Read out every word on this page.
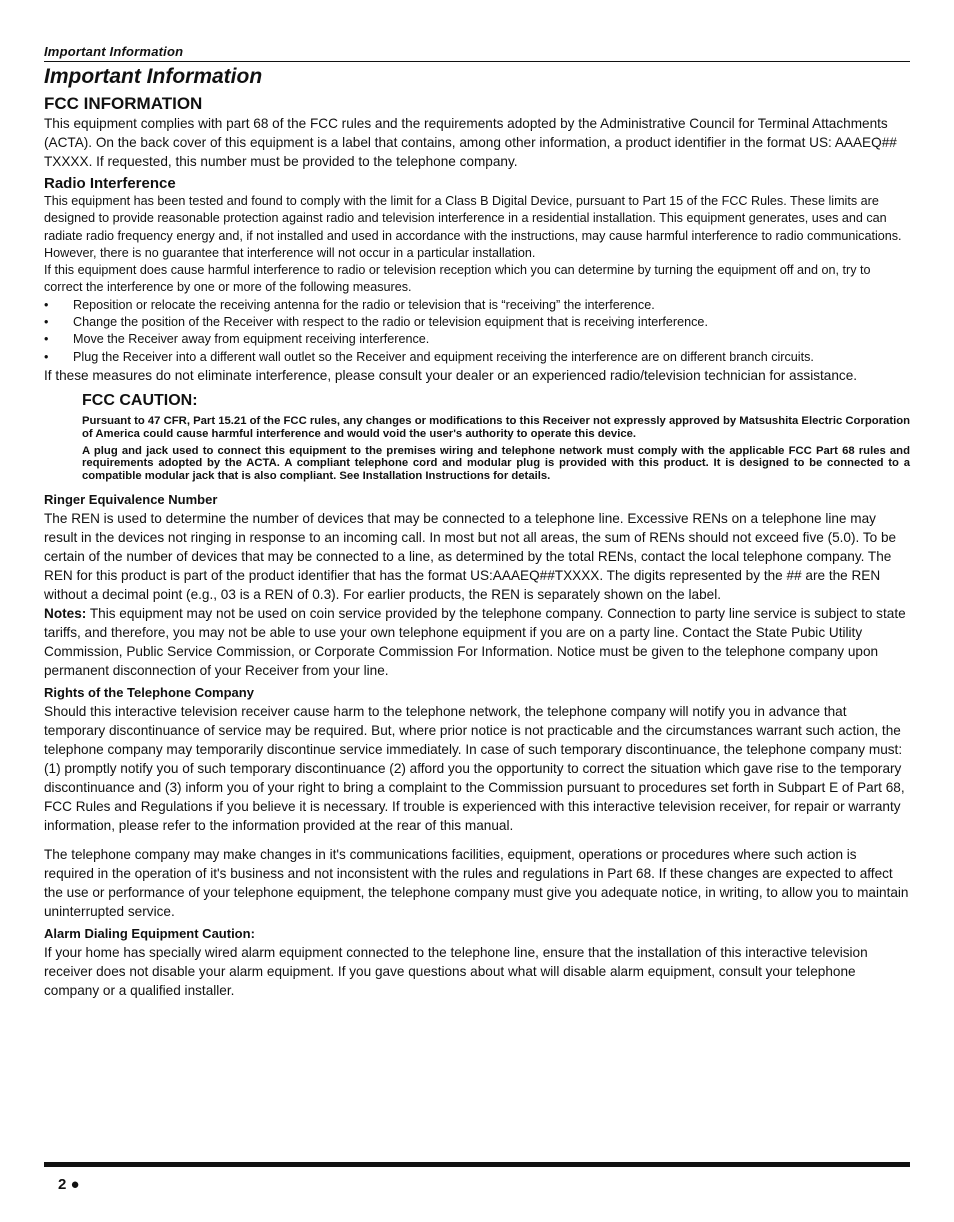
Important Information
Important Information
FCC INFORMATION

This equipment complies with part 68 of the FCC rules and the requirements adopted by the Administrative Council for Terminal Attachments (ACTA). On the back cover of this equipment is a label that contains, among other information, a product identifier in the format US: AAAEQ## TXXXX. If requested, this number must be provided to the telephone company.

Radio Interference

This equipment has been tested and found to comply with the limit for a Class B Digital Device, pursuant to Part 15 of the FCC Rules. These limits are designed to provide reasonable protection against radio and television interference in a residential installation. This equipment generates, uses and can radiate radio frequency energy and, if not installed and used in accordance with the instructions, may cause harmful interference to radio communications. However, there is no guarantee that interference will not occur in a particular installation.

If this equipment does cause harmful interference to radio or television reception which you can determine by turning the equipment off and on, try to correct the interference by one or more of the following measures.

• Reposition or relocate the receiving antenna for the radio or television that is “receiving” the interference.
• Change the position of the Receiver with respect to the radio or television equipment that is receiving interference.
• Move the Receiver away from equipment receiving interference.
• Plug the Receiver into a different wall outlet so the Receiver and equipment receiving the interference are on different branch circuits.

If these measures do not eliminate interference, please consult your dealer or an experienced radio/television technician for assistance.

FCC CAUTION:

Pursuant to 47 CFR, Part 15.21 of the FCC rules, any changes or modifications to this Receiver not expressly approved by Matsushita Electric Corporation of America could cause harmful interference and would void the user's authority to operate this device.

A plug and jack used to connect this equipment to the premises wiring and telephone network must comply with the applicable FCC Part 68 rules and requirements adopted by the ACTA. A compliant telephone cord and modular plug is provided with this product. It is designed to be connected to a compatible modular jack that is also compliant. See Installation Instructions for details.

Ringer Equivalence Number

The REN is used to determine the number of devices that may be connected to a telephone line. Excessive RENs on a telephone line may result in the devices not ringing in response to an incoming call. In most but not all areas, the sum of RENs should not exceed five (5.0). To be certain of the number of devices that may be connected to a line, as determined by the total RENs, contact the local telephone company. The REN for this product is part of the product identifier that has the format US:AAAEQ##TXXXX. The digits represented by the ## are the REN without a decimal point (e.g., 03 is a REN of 0.3). For earlier products, the REN is separately shown on the label.

Notes: This equipment may not be used on coin service provided by the telephone company. Connection to party line service is subject to state tariffs, and therefore, you may not be able to use your own telephone equipment if you are on a party line. Contact the State Pubic Utility Commission, Public Service Commission, or Corporate Commission For Information. Notice must be given to the telephone company upon permanent disconnection of your Receiver from your line.

Rights of the Telephone Company

Should this interactive television receiver cause harm to the telephone network, the telephone company will notify you in advance that temporary discontinuance of service may be required. But, where prior notice is not practicable and the circumstances warrant such action, the telephone company may temporarily discontinue service immediately. In case of such temporary discontinuance, the telephone company must: (1) promptly notify you of such temporary discontinuance (2) afford you the opportunity to correct the situation which gave rise to the temporary discontinuance and (3) inform you of your right to bring a complaint to the Commission pursuant to procedures set forth in Subpart E of Part 68, FCC Rules and Regulations if you believe it is necessary. If trouble is experienced with this interactive television receiver, for repair or warranty information, please refer to the information provided at the rear of this manual.

The telephone company may make changes in it's communications facilities, equipment, operations or procedures where such action is required in the operation of it's business and not inconsistent with the rules and regulations in Part 68. If these changes are expected to affect the use or performance of your telephone equipment, the telephone company must give you adequate notice, in writing, to allow you to maintain uninterrupted service.

Alarm Dialing Equipment Caution:

If your home has specially wired alarm equipment connected to the telephone line, ensure that the installation of this interactive television receiver does not disable your alarm equipment. If you gave questions about what will disable alarm equipment, consult your telephone company or a qualified installer.

2 ●
